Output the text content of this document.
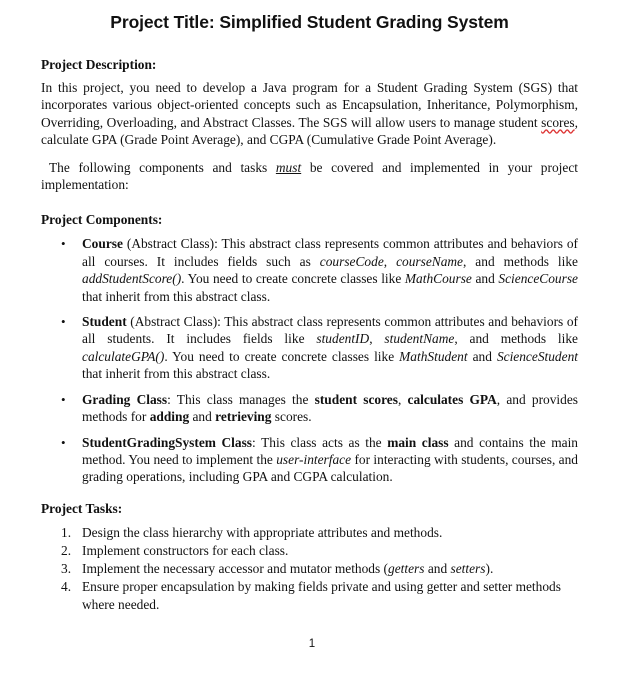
Project Title: Simplified Student Grading System
Project Description:

In this project, you need to develop a Java program for a Student Grading System (SGS) that incorporates various object-oriented concepts such as Encapsulation, Inheritance, Polymorphism, Overriding, Overloading, and Abstract Classes. The SGS will allow users to manage student scores, calculate GPA (Grade Point Average), and CGPA (Cumulative Grade Point Average).

The following components and tasks must be covered and implemented in your project implementation:

Project Components:
• Course (Abstract Class): This abstract class represents common attributes and behaviors of all courses. It includes fields such as courseCode, courseName, and methods like addStudentScore(). You need to create concrete classes like MathCourse and ScienceCourse that inherit from this abstract class.
• Student (Abstract Class): This abstract class represents common attributes and behaviors of all students. It includes fields like studentID, studentName, and methods like calculateGPA(). You need to create concrete classes like MathStudent and ScienceStudent that inherit from this abstract class.
• Grading Class: This class manages the student scores, calculates GPA, and provides methods for adding and retrieving scores.
• StudentGradingSystem Class: This class acts as the main class and contains the main method. You need to implement the user-interface for interacting with students, courses, and grading operations, including GPA and CGPA calculation.
Project Tasks:
1. Design the class hierarchy with appropriate attributes and methods.
2. Implement constructors for each class.
3. Implement the necessary accessor and mutator methods (getters and setters).
4. Ensure proper encapsulation by making fields private and using getter and setter methods where needed.
1
